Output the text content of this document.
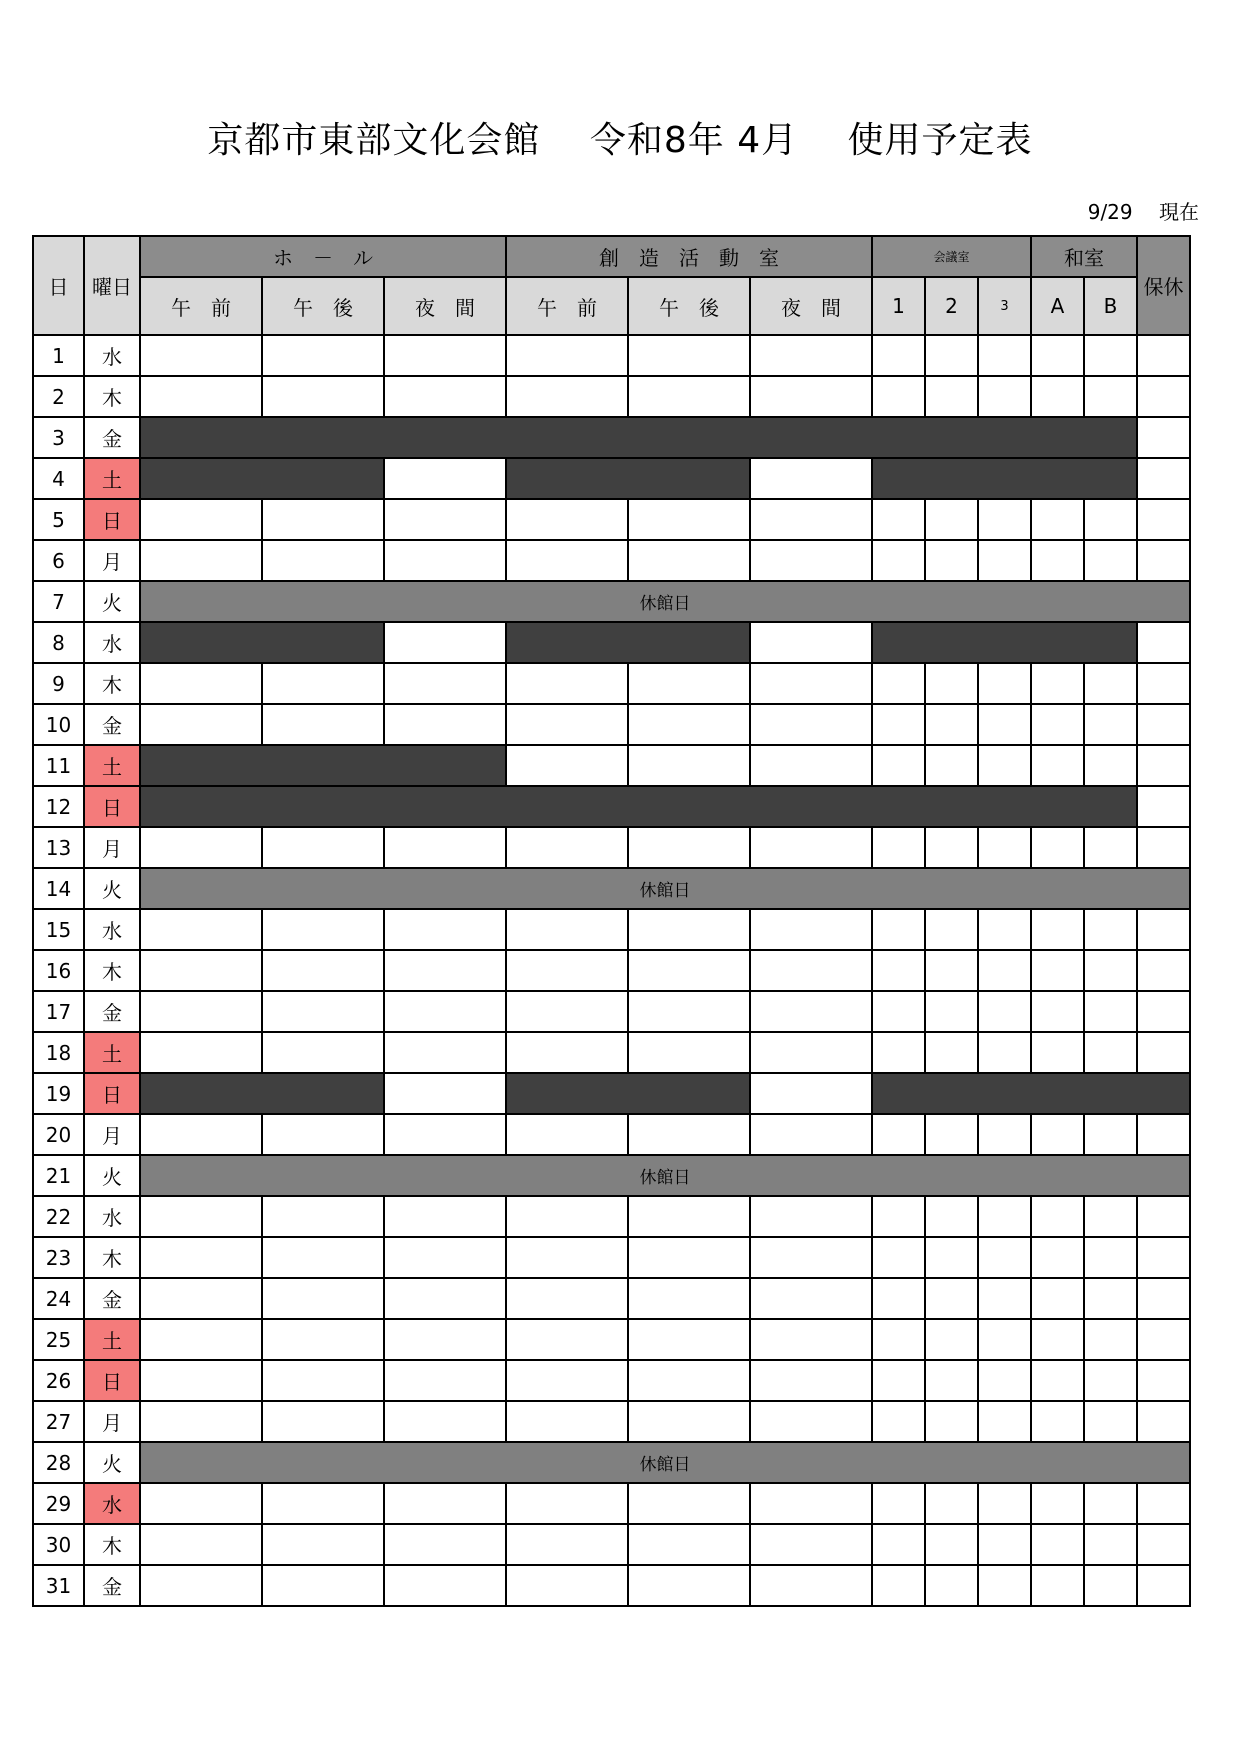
京都市東部文化会館　 令和8年 4月　 使用予定表
9/29　 現在
日	曜日	ホ　－　ル			創　造　活　動　室			会議室			和室		保休
		午　前	午　後	夜　間	午　前	午　後	夜　間	1	2	3	A	B	
1	水												
2	木												
3	金												
4	土												
5	日												
6	月												
7	火	休館日											
8	水												
9	木												
10	金												
11	土												
12	日												
13	月												
14	火	休館日											
15	水												
16	木												
17	金												
18	土												
19	日												
20	月												
21	火	休館日											
22	水												
23	木												
24	金												
25	土												
26	日												
27	月												
28	火	休館日											
29	水												
30	木												
31	金												
